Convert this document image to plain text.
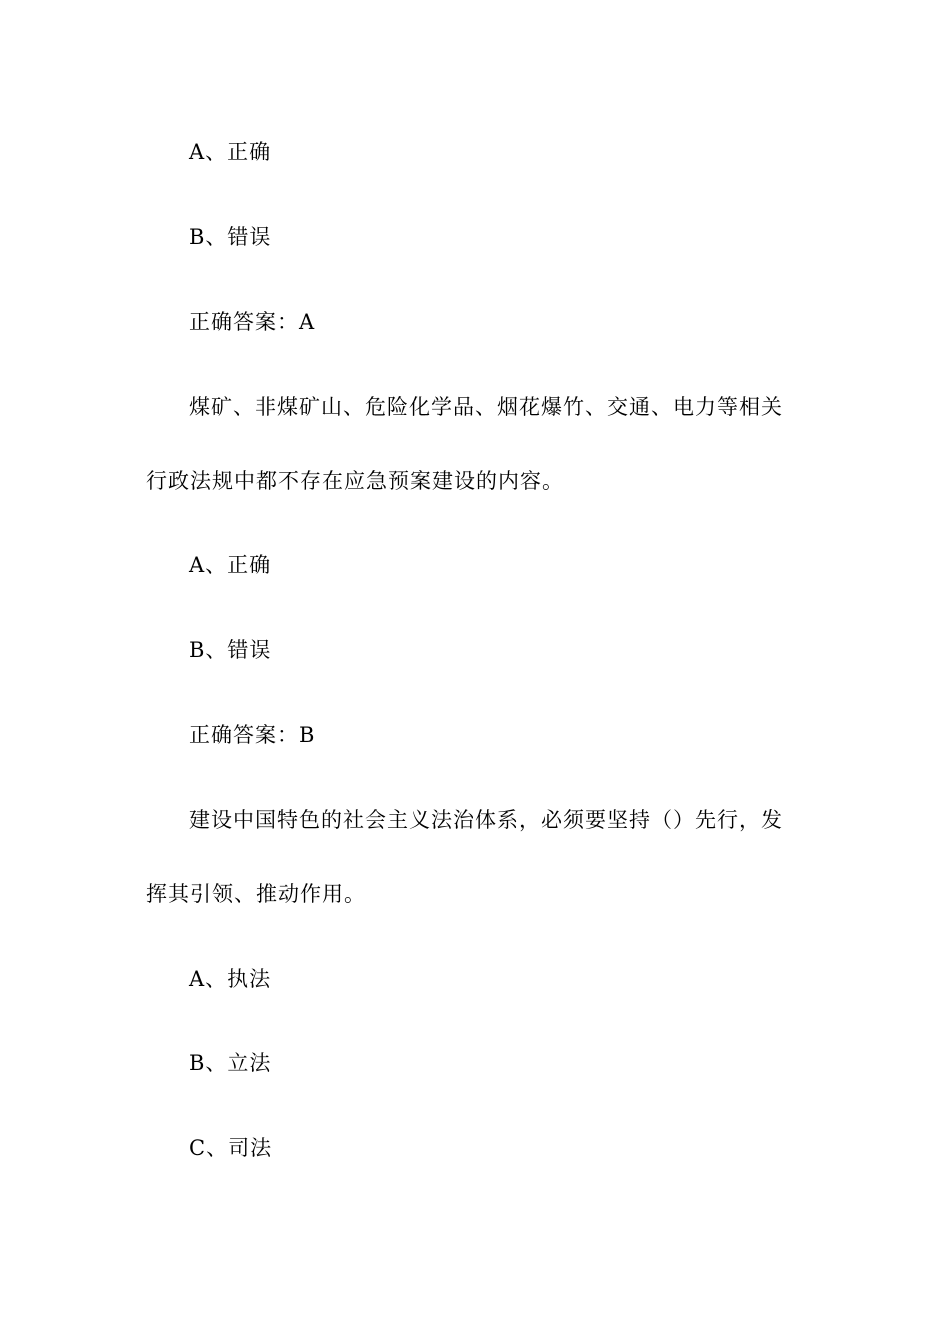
A、正确
B、错误
正确答案：A
煤矿、非煤矿山、危险化学品、烟花爆竹、交通、电力等相关
行政法规中都不存在应急预案建设的内容。
A、正确
B、错误
正确答案：B
建设中国特色的社会主义法治体系，必须要坚持（）先行，发
挥其引领、推动作用。
A、执法
B、立法
C、司法
